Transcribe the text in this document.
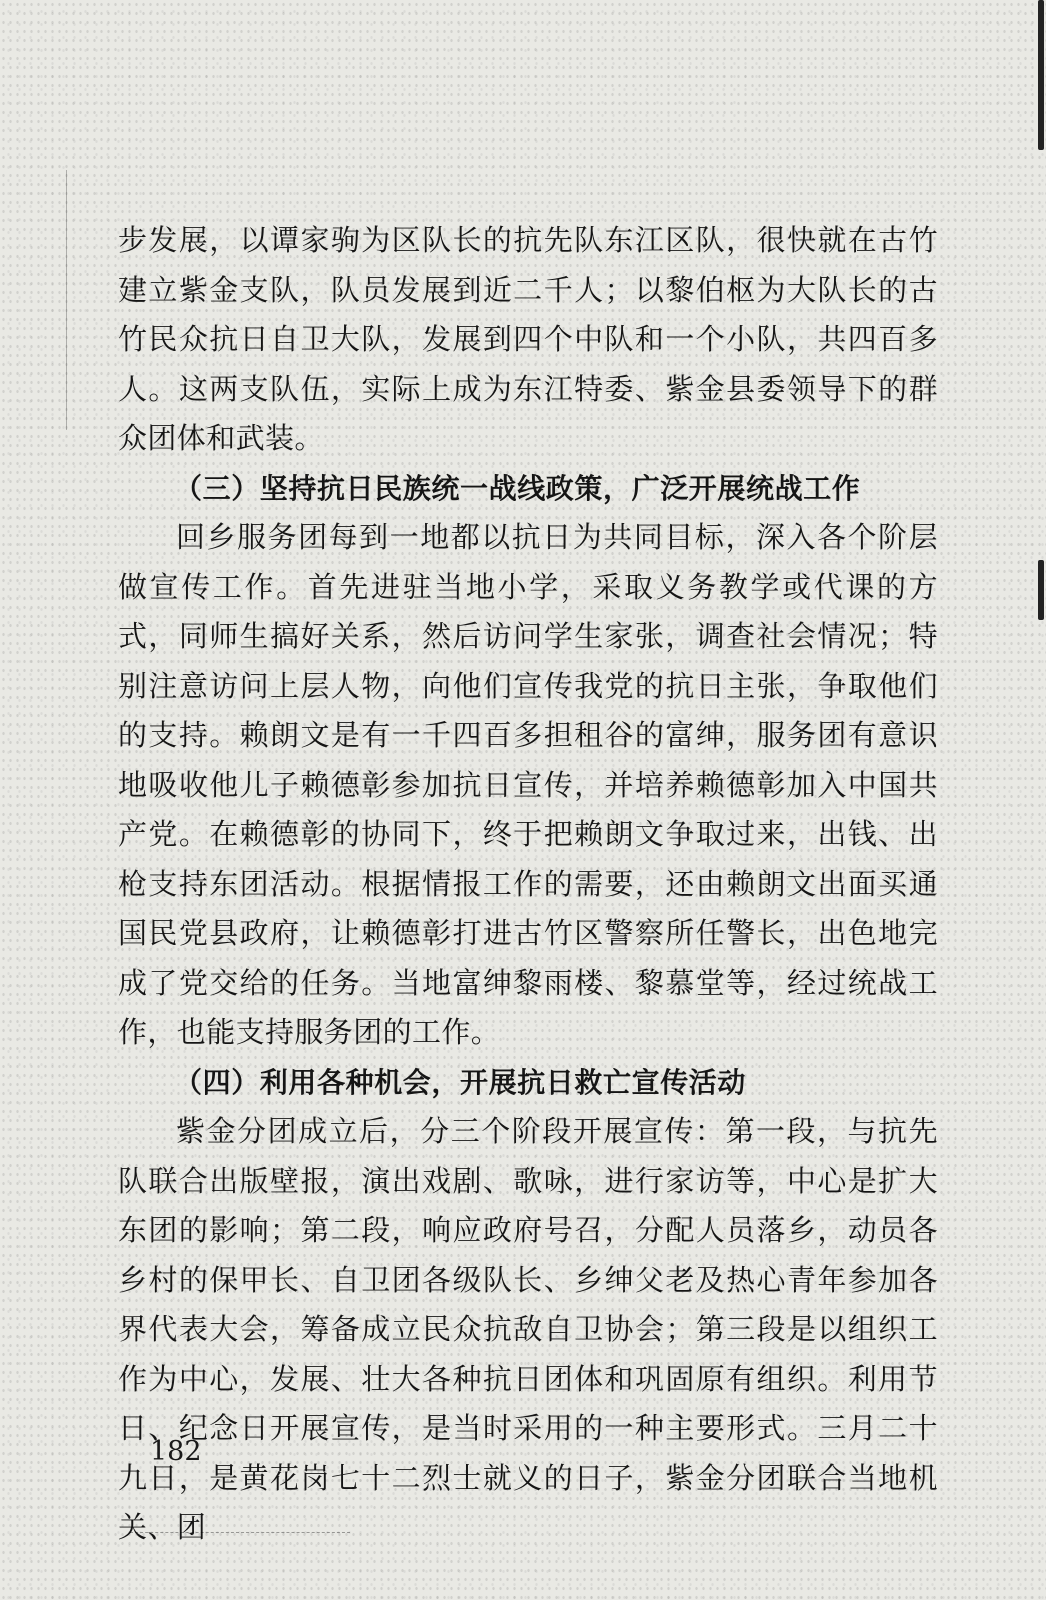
步发展，以谭家驹为区队长的抗先队东江区队，很快就在古竹建立紫金支队，队员发展到近二千人；以黎伯枢为大队长的古竹民众抗日自卫大队，发展到四个中队和一个小队，共四百多人。这两支队伍，实际上成为东江特委、紫金县委领导下的群众团体和武装。

（三）坚持抗日民族统一战线政策，广泛开展统战工作

回乡服务团每到一地都以抗日为共同目标，深入各个阶层做宣传工作。首先进驻当地小学，采取义务教学或代课的方式，同师生搞好关系，然后访问学生家张，调查社会情况；特别注意访问上层人物，向他们宣传我党的抗日主张，争取他们的支持。赖朗文是有一千四百多担租谷的富绅，服务团有意识地吸收他儿子赖德彰参加抗日宣传，并培养赖德彰加入中国共产党。在赖德彰的协同下，终于把赖朗文争取过来，出钱、出枪支持东团活动。根据情报工作的需要，还由赖朗文出面买通国民党县政府，让赖德彰打进古竹区警察所任警长，出色地完成了党交给的任务。当地富绅黎雨楼、黎慕堂等，经过统战工作，也能支持服务团的工作。

（四）利用各种机会，开展抗日救亡宣传活动

紫金分团成立后，分三个阶段开展宣传：第一段，与抗先队联合出版壁报，演出戏剧、歌咏，进行家访等，中心是扩大东团的影响；第二段，响应政府号召，分配人员落乡，动员各乡村的保甲长、自卫团各级队长、乡绅父老及热心青年参加各界代表大会，筹备成立民众抗敌自卫协会；第三段是以组织工作为中心，发展、壮大各种抗日团体和巩固原有组织。利用节日、纪念日开展宣传，是当时采用的一种主要形式。三月二十九日，是黄花岗七十二烈士就义的日子，紫金分团联合当地机关、团

182
